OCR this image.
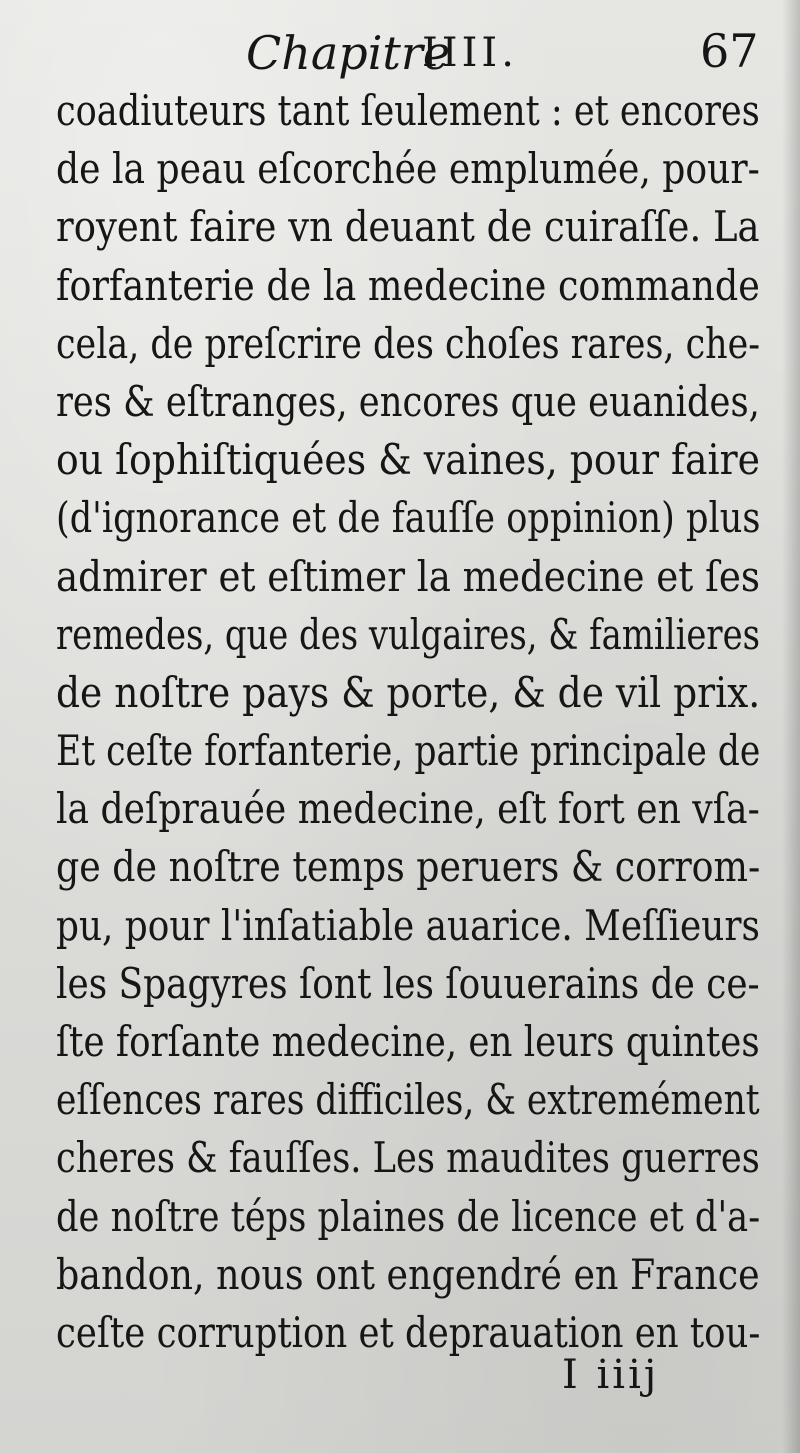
Chapitre
IIII.	67
coadiuteurs tant ſeulement : et encores
de la peau eſcorchée emplumée, pour-
royent faire vn deuant de cuiraſſe. La
forfanterie de la medecine commande
cela, de preſcrire des choſes rares, che-
res & eſtranges, encores que euanides,
ou ſophiſtiquées & vaines, pour faire
(d'ignorance et de fauſſe oppinion) plus
admirer et eſtimer la medecine et ſes
remedes, que des vulgaires, & familieres
de noſtre pays & porte, & de vil prix.
Et ceſte forfanterie, partie principale de
la deſprauée medecine, eſt fort en vſa-
ge de noſtre temps peruers & corrom-
pu, pour l'inſatiable auarice. Meſſieurs
les Spagyres ſont les ſouuerains de ce-
ſte forſante medecine, en leurs quintes
eſſences rares difficiles, & extremément
cheres & fauſſes. Les maudites guerres
de noſtre téps plaines de licence et d'a-
bandon, nous ont engendré en France
ceſte corruption et deprauation en tou-
I iiij
